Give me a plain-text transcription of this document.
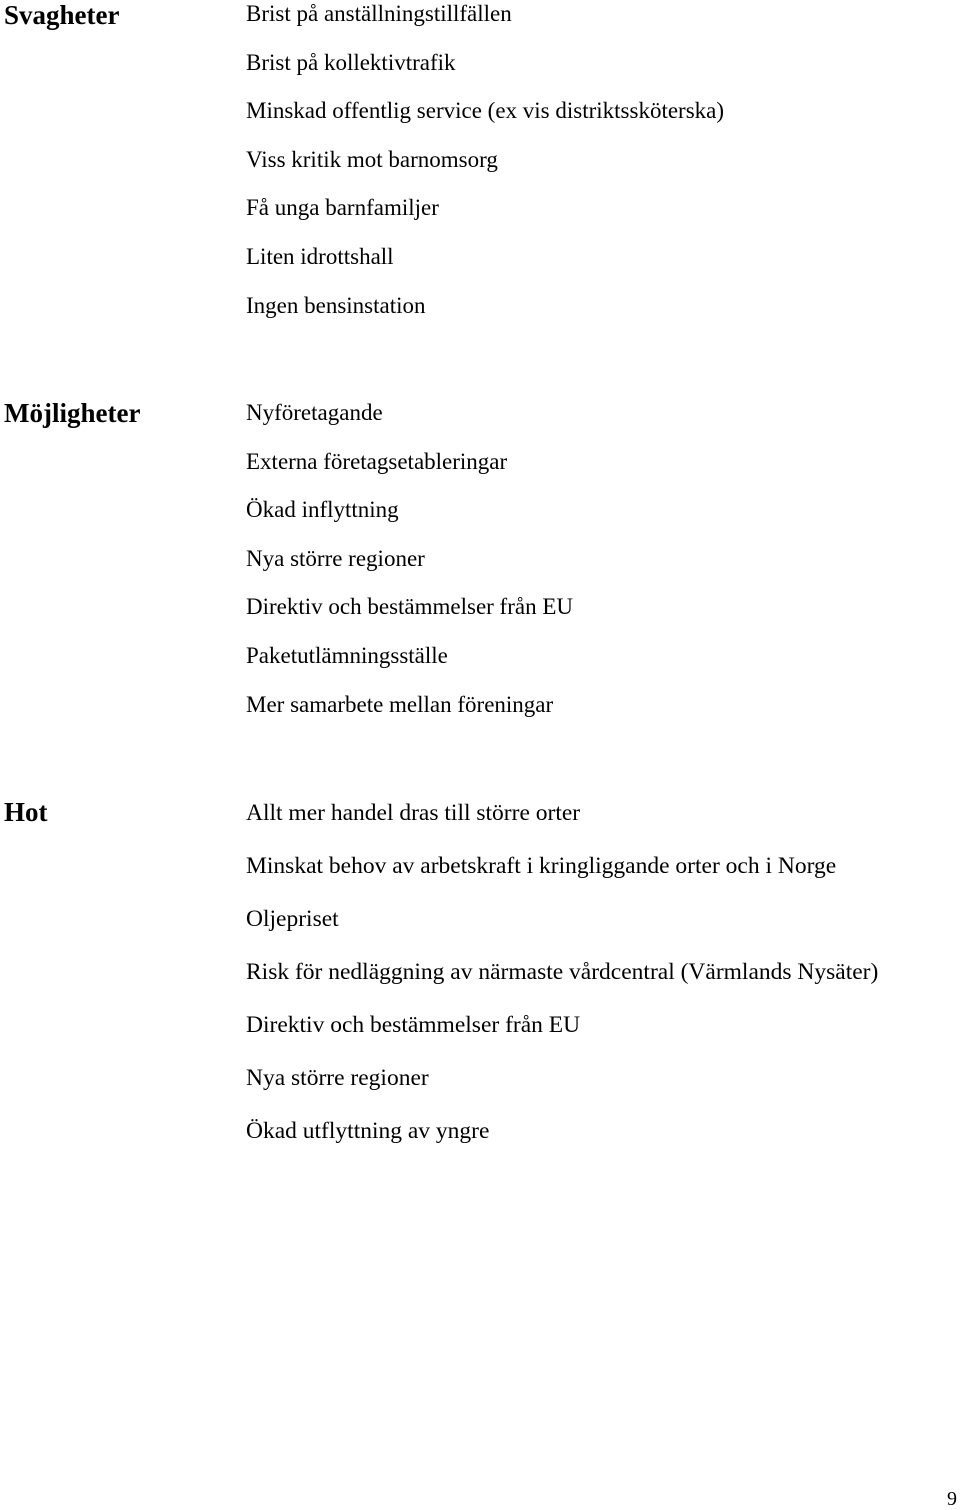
Svagheter	Brist på anställningstillfällen
Brist på kollektivtrafik
Minskad offentlig service (ex vis distriktssköterska)
Viss kritik mot barnomsorg
Få unga barnfamiljer
Liten idrottshall
Ingen bensinstation
Möjligheter	Nyföretagande
Externa företagsetableringar
Ökad inflyttning
Nya större regioner
Direktiv och bestämmelser från EU
Paketutlämningsställe
Mer samarbete mellan föreningar
Hot	Allt mer handel dras till större orter
Minskat behov av arbetskraft i kringliggande orter och i Norge
Oljepriset
Risk för nedläggning av närmaste vårdcentral (Värmlands Nysäter)
Direktiv och bestämmelser från EU
Nya större regioner
Ökad utflyttning av yngre
9
